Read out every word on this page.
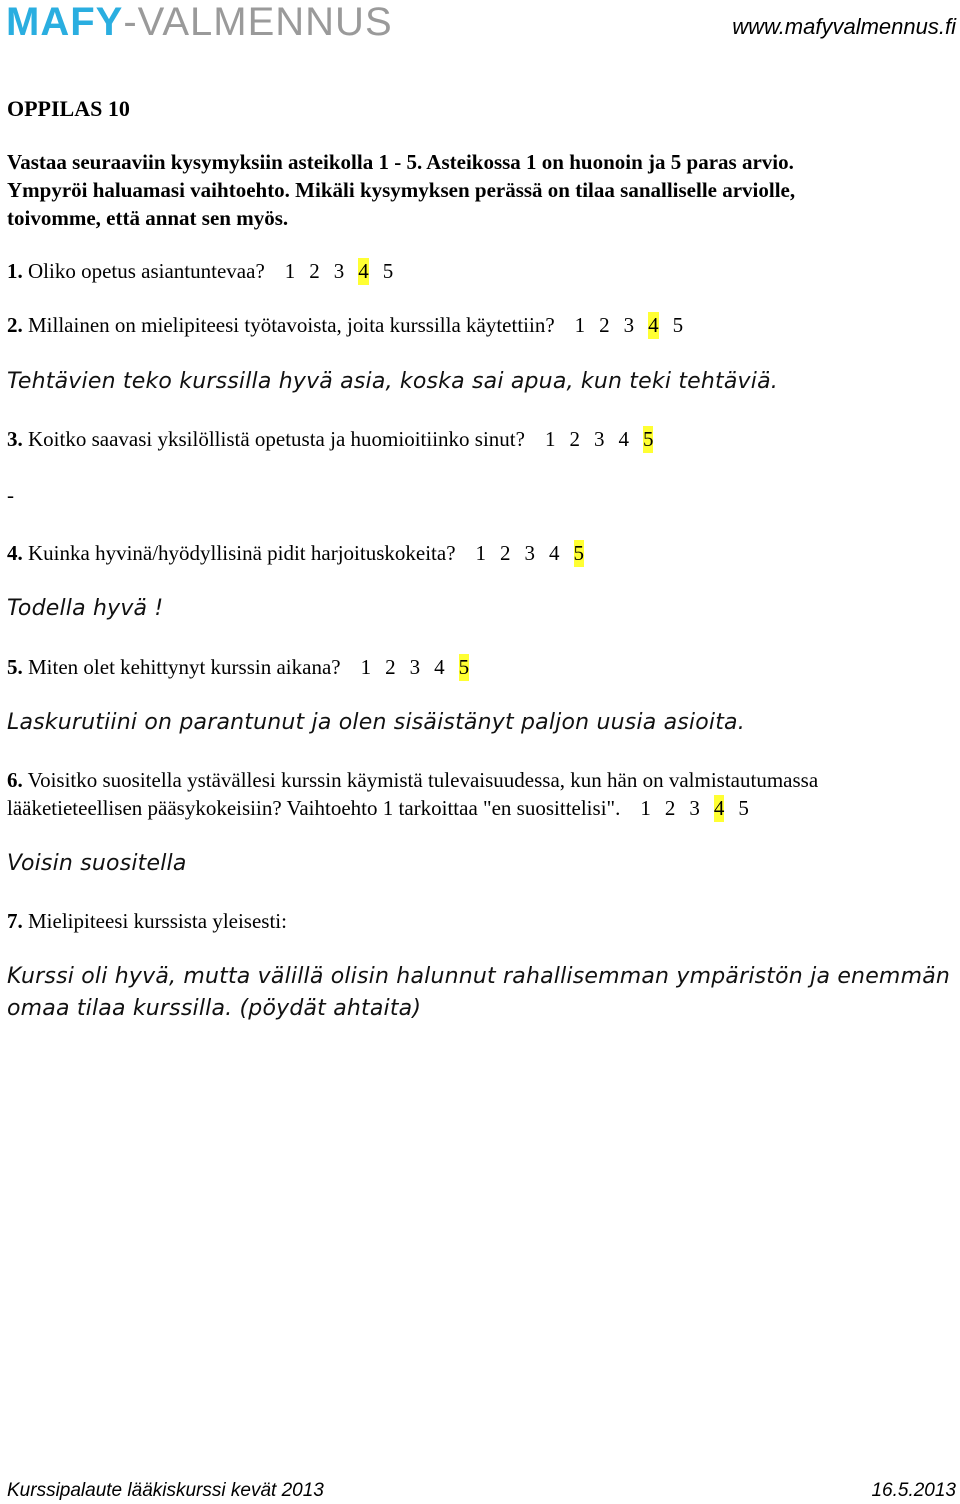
MAFY-VALMENNUS	www.mafyvalmennus.fi
OPPILAS 10
Vastaa seuraaviin kysymyksiin asteikolla 1 - 5. Asteikossa 1 on huonoin ja 5 paras arvio.
Ympyröi haluamasi vaihtoehto. Mikäli kysymyksen perässä on tilaa sanalliselle arviolle,
toivomme, että annat sen myös.
1. Oliko opetus asiantuntevaa? 1 2 3 4 5
2. Millainen on mielipiteesi työtavoista, joita kurssilla käytettiin? 1 2 3 4 5
Tehtävien teko kurssilla hyvä asia, koska sai apua, kun teki tehtäviä.
3. Koitko saavasi yksilöllistä opetusta ja huomioitiinko sinut? 1 2 3 4 5
-
4. Kuinka hyvinä/hyödyllisinä pidit harjoituskokeita? 1 2 3 4 5
Todella hyvä !
5. Miten olet kehittynyt kurssin aikana? 1 2 3 4 5
Laskurutiini on parantunut ja olen sisäistänyt paljon uusia asioita.
6. Voisitko suositella ystävällesi kurssin käymistä tulevaisuudessa, kun hän on valmistautumassa
lääketieteellisen pääsykokeisiin? Vaihtoehto 1 tarkoittaa "en suosittelisi". 1 2 3 4 5
Voisin suositella
7. Mielipiteesi kurssista yleisesti:
Kurssi oli hyvä, mutta välillä olisin halunnut rahallisemman ympäristön ja enemmän
omaa tilaa kurssilla. (pöydät ahtaita)
Kurssipalaute lääkiskurssi kevät 2013	16.5.2013
